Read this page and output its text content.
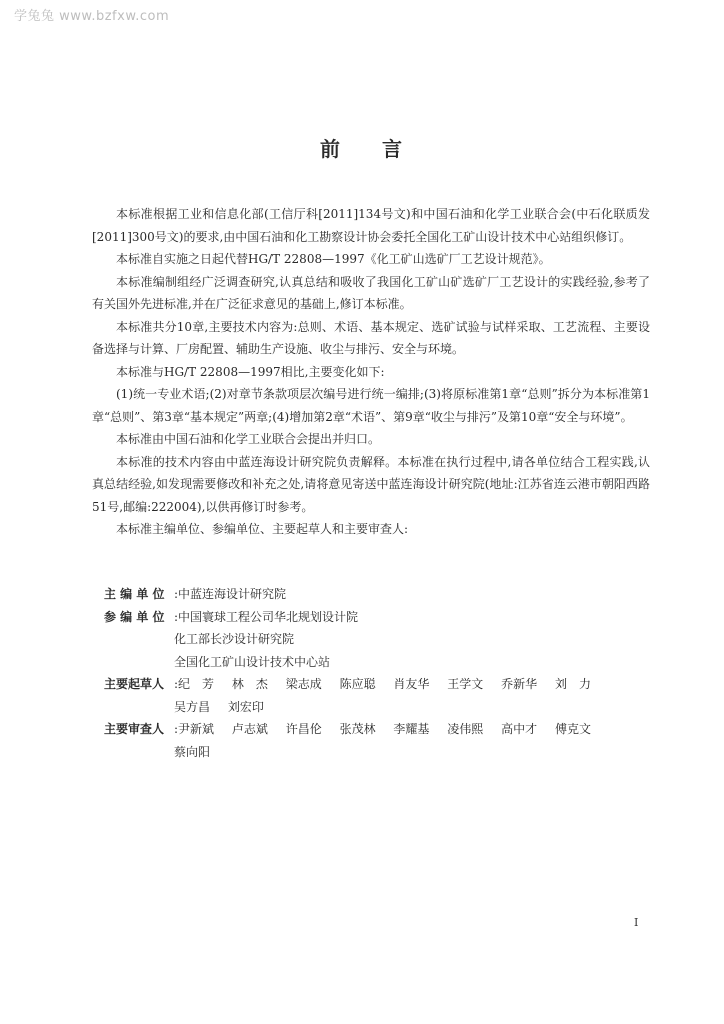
学兔兔 www.bzfxw.com
前 言

本标准根据工业和信息化部(工信厅科[2011]134号文)和中国石油和化学工业联合会(中石化联质发[2011]300号文)的要求,由中国石油和化工勘察设计协会委托全国化工矿山设计技术中心站组织修订。

本标准自实施之日起代替HG/T 22808—1997《化工矿山选矿厂工艺设计规范》。

本标准编制组经广泛调查研究,认真总结和吸收了我国化工矿山矿选矿厂工艺设计的实践经验,参考了有关国外先进标准,并在广泛征求意见的基础上,修订本标准。

本标准共分10章,主要技术内容为:总则、术语、基本规定、选矿试验与试样采取、工艺流程、主要设备选择与计算、厂房配置、辅助生产设施、收尘与排污、安全与环境。

本标准与HG/T 22808—1997相比,主要变化如下:

(1)统一专业术语;(2)对章节条款项层次编号进行统一编排;(3)将原标准第1章“总则”拆分为本标准第1章“总则”、第3章“基本规定”两章;(4)增加第2章“术语”、第9章“收尘与排污”及第10章“安全与环境”。

本标准由中国石油和化学工业联合会提出并归口。

本标准的技术内容由中蓝连海设计研究院负责解释。本标准在执行过程中,请各单位结合工程实践,认真总结经验,如发现需要修改和补充之处,请将意见寄送中蓝连海设计研究院(地址:江苏省连云港市朝阳西路51号,邮编:222004),以供再修订时参考。

本标准主编单位、参编单位、主要起草人和主要审查人:

主 编 单 位 : 中蓝连海设计研究院
参 编 单 位 : 中国寰球工程公司华北规划设计院
化工部长沙设计研究院
全国化工矿山设计技术中心站
主要起草人 : 纪　芳 林　杰 梁志成 陈应聪 肖友华 王学文 乔新华 刘　力
吴方昌 刘宏印
主要审查人 : 尹新斌 卢志斌 许昌伦 张茂林 李耀基 凌伟熙 高中才 傅克文
蔡向阳
I
